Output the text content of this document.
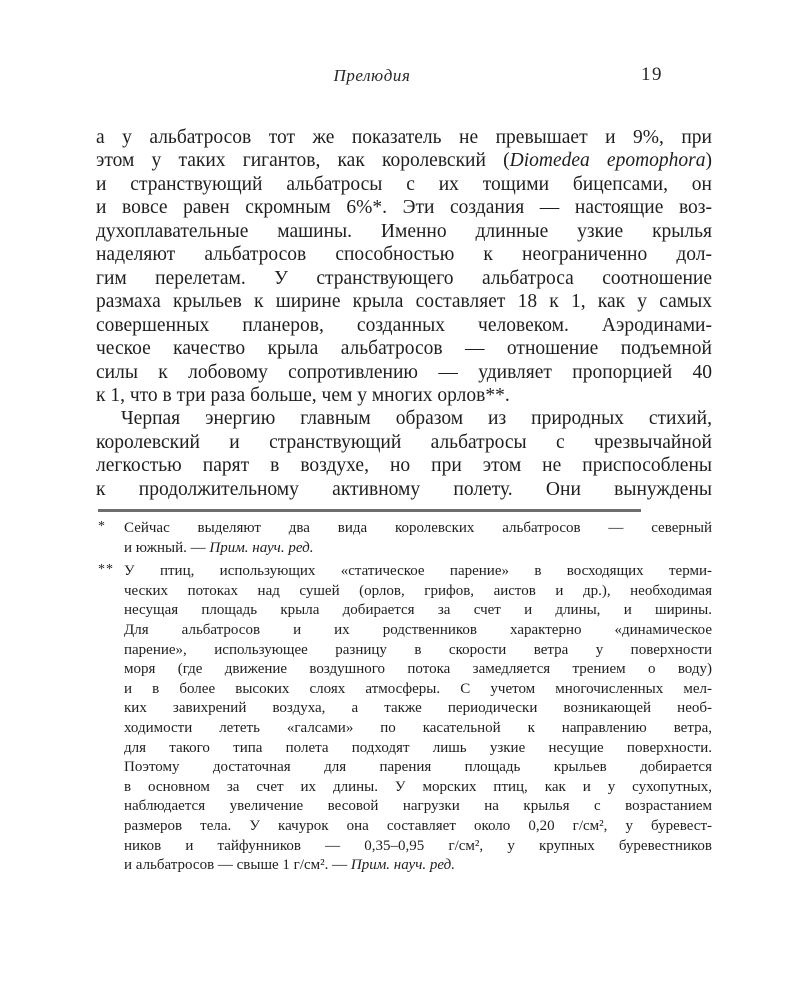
Прелюдия	19
а у альбатросов тот же показатель не превышает и 9%, при
этом у таких гигантов, как королевский (Diomedea epomophora)
и странствующий альбатросы с их тощими бицепсами, он
и вовсе равен скромным 6%*. Эти создания — настоящие воз-
духоплавательные машины. Именно длинные узкие крылья
наделяют альбатросов способностью к неограниченно дол-
гим перелетам. У странствующего альбатроса соотношение
размаха крыльев к ширине крыла составляет 18 к 1, как у самых
совершенных планеров, созданных человеком. Аэродинами-
ческое качество крыла альбатросов — отношение подъемной
силы к лобовому сопротивлению — удивляет пропорцией 40
к 1, что в три раза больше, чем у многих орлов**.
Черпая энергию главным образом из природных стихий,
королевский и странствующий альбатросы с чрезвычайной
легкостью парят в воздухе, но при этом не приспособлены
к продолжительному активному полету. Они вынуждены
* Сейчас выделяют два вида королевских альбатросов — северный
и южный. — Прим. науч. ред.
** У птиц, использующих «статическое парение» в восходящих терми-
ческих потоках над сушей (орлов, грифов, аистов и др.), необходимая
несущая площадь крыла добирается за счет и длины, и ширины.
Для альбатросов и их родственников характерно «динамическое
парение», использующее разницу в скорости ветра у поверхности
моря (где движение воздушного потока замедляется трением о воду)
и в более высоких слоях атмосферы. С учетом многочисленных мел-
ких завихрений воздуха, а также периодически возникающей необ-
ходимости лететь «галсами» по касательной к направлению ветра,
для такого типа полета подходят лишь узкие несущие поверхности.
Поэтому достаточная для парения площадь крыльев добирается
в основном за счет их длины. У морских птиц, как и у сухопутных,
наблюдается увеличение весовой нагрузки на крылья с возрастанием
размеров тела. У качурок она составляет около 0,20 г/см², у буревест-
ников и тайфунников — 0,35–0,95 г/см², у крупных буревестников
и альбатросов — свыше 1 г/см². — Прим. науч. ред.
